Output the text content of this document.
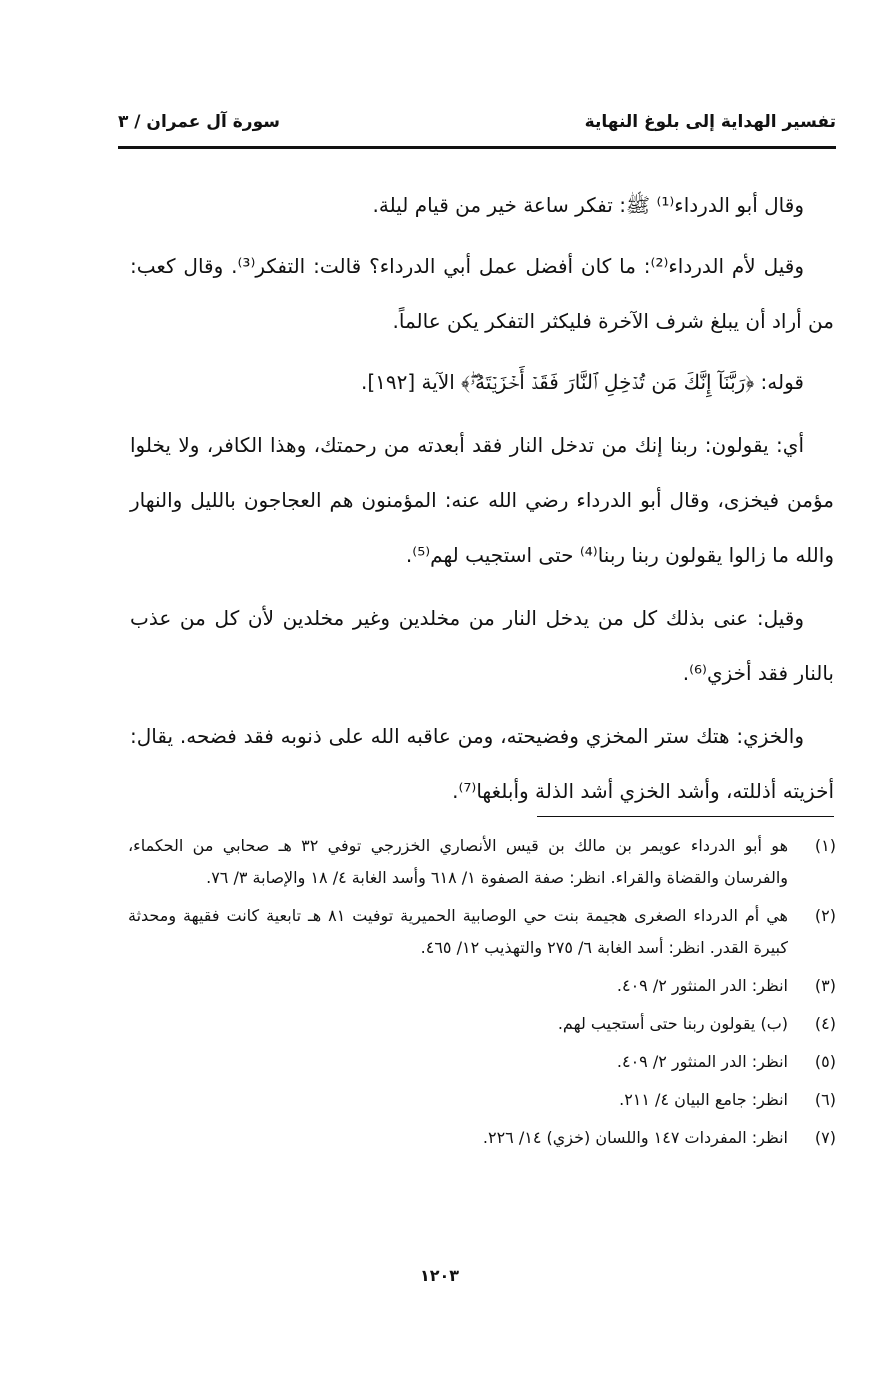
تفسير الهداية إلى بلوغ النهاية
سورة آل عمران / ٣

وقال أبو الدرداء⁽¹⁾ ﷺ: تفكر ساعة خير من قيام ليلة.

وقيل لأم الدرداء⁽²⁾: ما كان أفضل عمل أبي الدرداء؟ قالت: التفكر⁽³⁾. وقال كعب: من أراد أن يبلغ شرف الآخرة فليكثر التفكر يكن عالماً.

قوله: ﴿رَبَّنَآ إِنَّكَ مَن تُدۡخِلِ ٱلنَّارَ فَقَدۡ أَخۡزَيۡتَهُۥۖ﴾ الآية [١٩٢].

أي: يقولون: ربنا إنك من تدخل النار فقد أبعدته من رحمتك، وهذا الكافر، ولا يخلوا مؤمن فيخزى، وقال أبو الدرداء رضي الله عنه: المؤمنون هم العجاجون بالليل والنهار والله ما زالوا يقولون ربنا ربنا⁽⁴⁾ حتى استجيب لهم⁽⁵⁾.

وقيل: عنى بذلك كل من يدخل النار من مخلدين وغير مخلدين لأن كل من عذب بالنار فقد أخزي⁽⁶⁾.

والخزي: هتك ستر المخزي وفضيحته، ومن عاقبه الله على ذنوبه فقد فضحه. يقال: أخزيته أذللته، وأشد الخزي أشد الذلة وأبلغها⁽⁷⁾.

(١)
هو أبو الدرداء عويمر بن مالك بن قيس الأنصاري الخزرجي توفي ٣٢ هـ صحابي من الحكماء، والفرسان والقضاة والقراء. انظر: صفة الصفوة ١/ ٦١٨ وأسد الغابة ٤/ ١٨ والإصابة ٣/ ٧٦.
(٢)
هي أم الدرداء الصغرى هجيمة بنت حي الوصابية الحميرية توفيت ٨١ هـ تابعية كانت فقيهة ومحدثة كبيرة القدر. انظر: أسد الغابة ٦/ ٢٧٥ والتهذيب ١٢/ ٤٦٥.
(٣)
انظر: الدر المنثور ٢/ ٤٠٩.
(٤)
(ب) يقولون ربنا حتى أستجيب لهم.
(٥)
انظر: الدر المنثور ٢/ ٤٠٩.
(٦)
انظر: جامع البيان ٤/ ٢١١.
(٧)
انظر: المفردات ١٤٧ واللسان (خزي) ١٤/ ٢٢٦.
١٢٠٣
